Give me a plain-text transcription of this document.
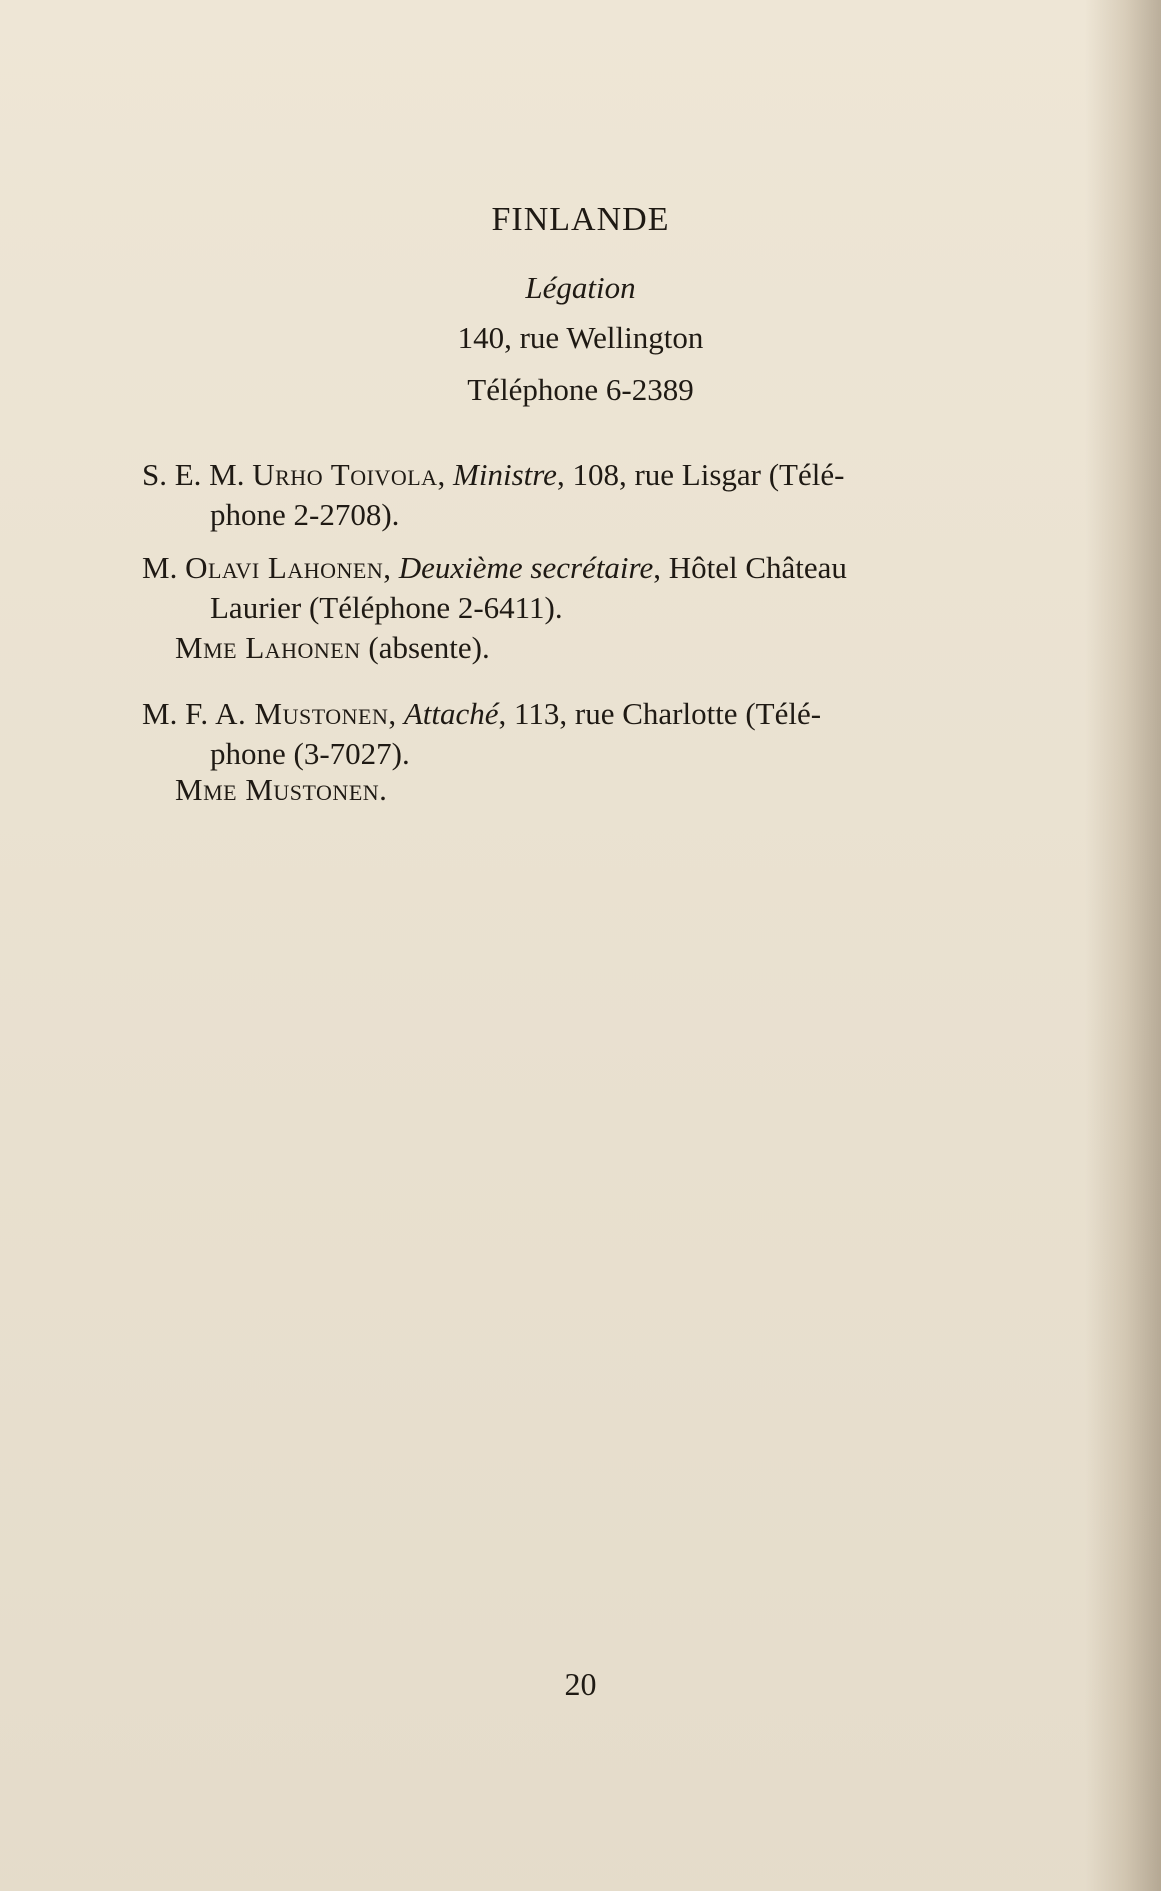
FINLANDE
Légation
140, rue Wellington
Téléphone 6-2389
S. E. M. Urho Toivola, Ministre, 108, rue Lisgar (Télé-
phone 2-2708).
M. Olavi Lahonen, Deuxième secrétaire, Hôtel Château
Laurier (Téléphone 2-6411).
Mme Lahonen (absente).
M. F. A. Mustonen, Attaché, 113, rue Charlotte (Télé-
phone (3-7027).
Mme Mustonen.
20
